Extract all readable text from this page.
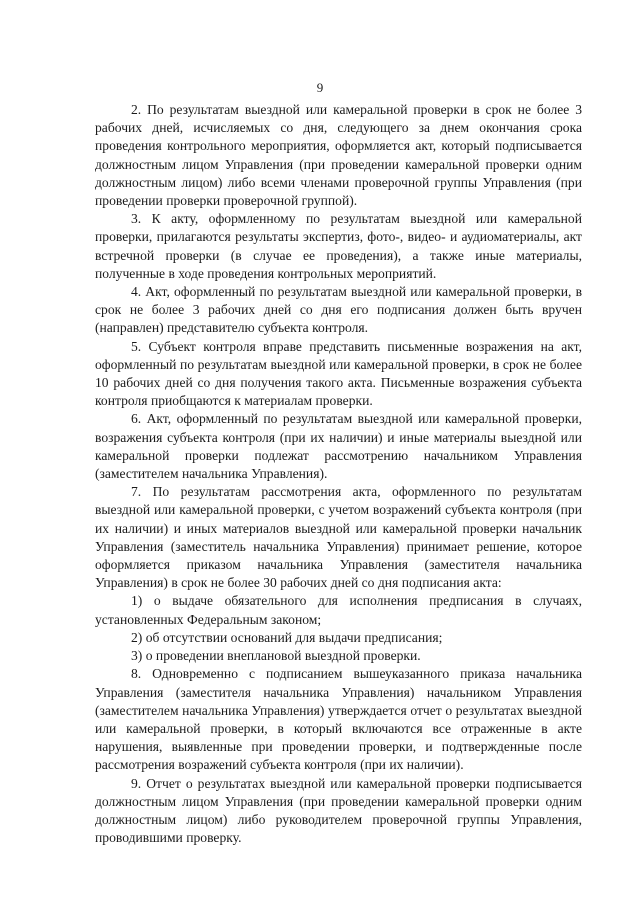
9

2. По результатам выездной или камеральной проверки в срок не более 3 рабочих дней, исчисляемых со дня, следующего за днем окончания срока проведения контрольного мероприятия, оформляется акт, который подписывается должностным лицом Управления (при проведении камеральной проверки одним должностным лицом) либо всеми членами проверочной группы Управления (при проведении проверки проверочной группой).

3. К акту, оформленному по результатам выездной или камеральной проверки, прилагаются результаты экспертиз, фото-, видео- и аудиоматериалы, акт встречной проверки (в случае ее проведения), а также иные материалы, полученные в ходе проведения контрольных мероприятий.

4. Акт, оформленный по результатам выездной или камеральной проверки, в срок не более 3 рабочих дней со дня его подписания должен быть вручен (направлен) представителю субъекта контроля.

5. Субъект контроля вправе представить письменные возражения на акт, оформленный по результатам выездной или камеральной проверки, в срок не более 10 рабочих дней со дня получения такого акта. Письменные возражения субъекта контроля приобщаются к материалам проверки.

6. Акт, оформленный по результатам выездной или камеральной проверки, возражения субъекта контроля (при их наличии) и иные материалы выездной или камеральной проверки подлежат рассмотрению начальником Управления (заместителем начальника Управления).

7. По результатам рассмотрения акта, оформленного по результатам выездной или камеральной проверки, с учетом возражений субъекта контроля (при их наличии) и иных материалов выездной или камеральной проверки начальник Управления (заместитель начальника Управления) принимает решение, которое оформляется приказом начальника Управления (заместителя начальника Управления) в срок не более 30 рабочих дней со дня подписания акта:

1) о выдаче обязательного для исполнения предписания в случаях, установленных Федеральным законом;

2) об отсутствии оснований для выдачи предписания;

3) о проведении внеплановой выездной проверки.

8. Одновременно с подписанием вышеуказанного приказа начальника Управления (заместителя начальника Управления) начальником Управления (заместителем начальника Управления) утверждается отчет о результатах выездной или камеральной проверки, в который включаются все отраженные в акте нарушения, выявленные при проведении проверки, и подтвержденные после рассмотрения возражений субъекта контроля (при их наличии).

9. Отчет о результатах выездной или камеральной проверки подписывается должностным лицом Управления (при проведении камеральной проверки одним должностным лицом) либо руководителем проверочной группы Управления, проводившими проверку.
